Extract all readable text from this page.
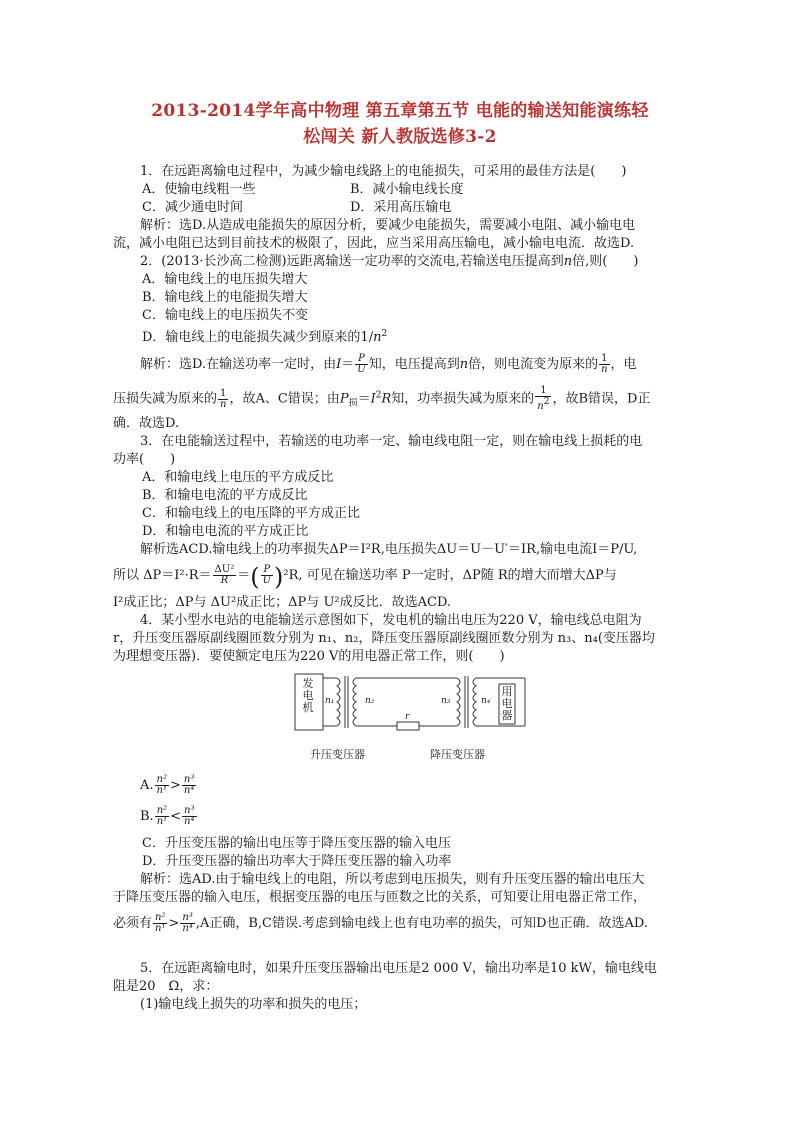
2013-2014学年高中物理 第五章第五节 电能的输送知能演练轻
松闯关 新人教版选修3-2
1．在远距离输电过程中，为减少输电线路上的电能损失，可采用的最佳方法是(　　)
A．使输电线粗一些	B．减小输电线长度
C．减少通电时间	D．采用高压输电
解析：选D.从造成电能损失的原因分析，要减少电能损失，需要减小电阻、减小输电电
流，减小电阻已达到目前技术的极限了，因此，应当采用高压输电，减小输电电流．故选D.
2．(2013·长沙高二检测)远距离输送一定功率的交流电,若输送电压提高到n倍,则(　　)
A．输电线上的电压损失增大
B．输电线上的电能损失增大
C．输电线上的电压损失不变
D．输电线上的电能损失减少到原来的$1/n^2$
解析：选D.在输送功率一定时，由$I= \frac{P}{U}$ 知，电压提高到n倍，则电流变为原来的 $\frac{1}{n}$ ，电
压损失减为原来的 $\frac{1}{n}$ ，故A、C错误；由$P_损=I^2R$知，功率损失减为原来的 $\frac{1}{n2}$ ，故B错误，D正
确．故选D.
3．在电能输送过程中，若输送的电功率一定、输电线电阻一定，则在输电线上损耗的电
功率(　　)
A．和输电线上电压的平方成反比
B．和输电电流的平方成反比
C．和输电线上的电压降的平方成正比
D．和输电电流的平方成正比
解析选ACD.输电线上的功率损失ΔP＝I²R,电压损失ΔU＝U－U′＝IR,输电电流I＝P/U,
所以 $\Delta P=I^2\cdot R= \frac{\text{ΔU²}}{R}$ ＝( $\frac{P}{U} )^2R$, 可见在输送功率 P一定时，ΔP随 R的增大而增大ΔP与
I²成正比；ΔP与 ΔU²成正比；ΔP与 U²成反比．故选ACD.
4．某小型水电站的电能输送示意图如下，发电机的输出电压为220 V，输电线总电阻为
r，升压变压器原副线圈匝数分别为 n₁、n₂，降压变压器原副线圈匝数分别为 n₃、n₄(变压器均
为理想变压器)．要使额定电压为220 V的用电器正常工作，则(　　)
发
电
机
用
电
器
n₁	n₂	n₃	n₄
r
升压变压器	降压变压器
A. $\frac{\text{n²}}{\text{n¹}} > \frac{\text{n³}}{\text{n⁴}}$
B. $\frac{\text{n²}}{\text{n¹}} < \frac{\text{n³}}{\text{n⁴}}$
C．升压变压器的输出电压等于降压变压器的输入电压
D．升压变压器的输出功率大于降压变压器的输入功率
解析：选AD.由于输电线上的电阻，所以考虑到电压损失，则有升压变压器的输出电压大
于降压变压器的输入电压，根据变压器的电压与匝数之比的关系，可知要让用电器正常工作，
必须有 $\frac{\text{n²}}{\text{n¹}} > \frac{\text{n³}}{\text{n⁴}} ,A$正确，B,C错误.考虑到输电线上也有电功率的损失，可知D也正确．故选AD.
5．在远距离输电时，如果升压变压器输出电压是2 000 V，输出功率是10 kW，输电线电
阻是20　Ω，求：
(1)输电线上损失的功率和损失的电压；
